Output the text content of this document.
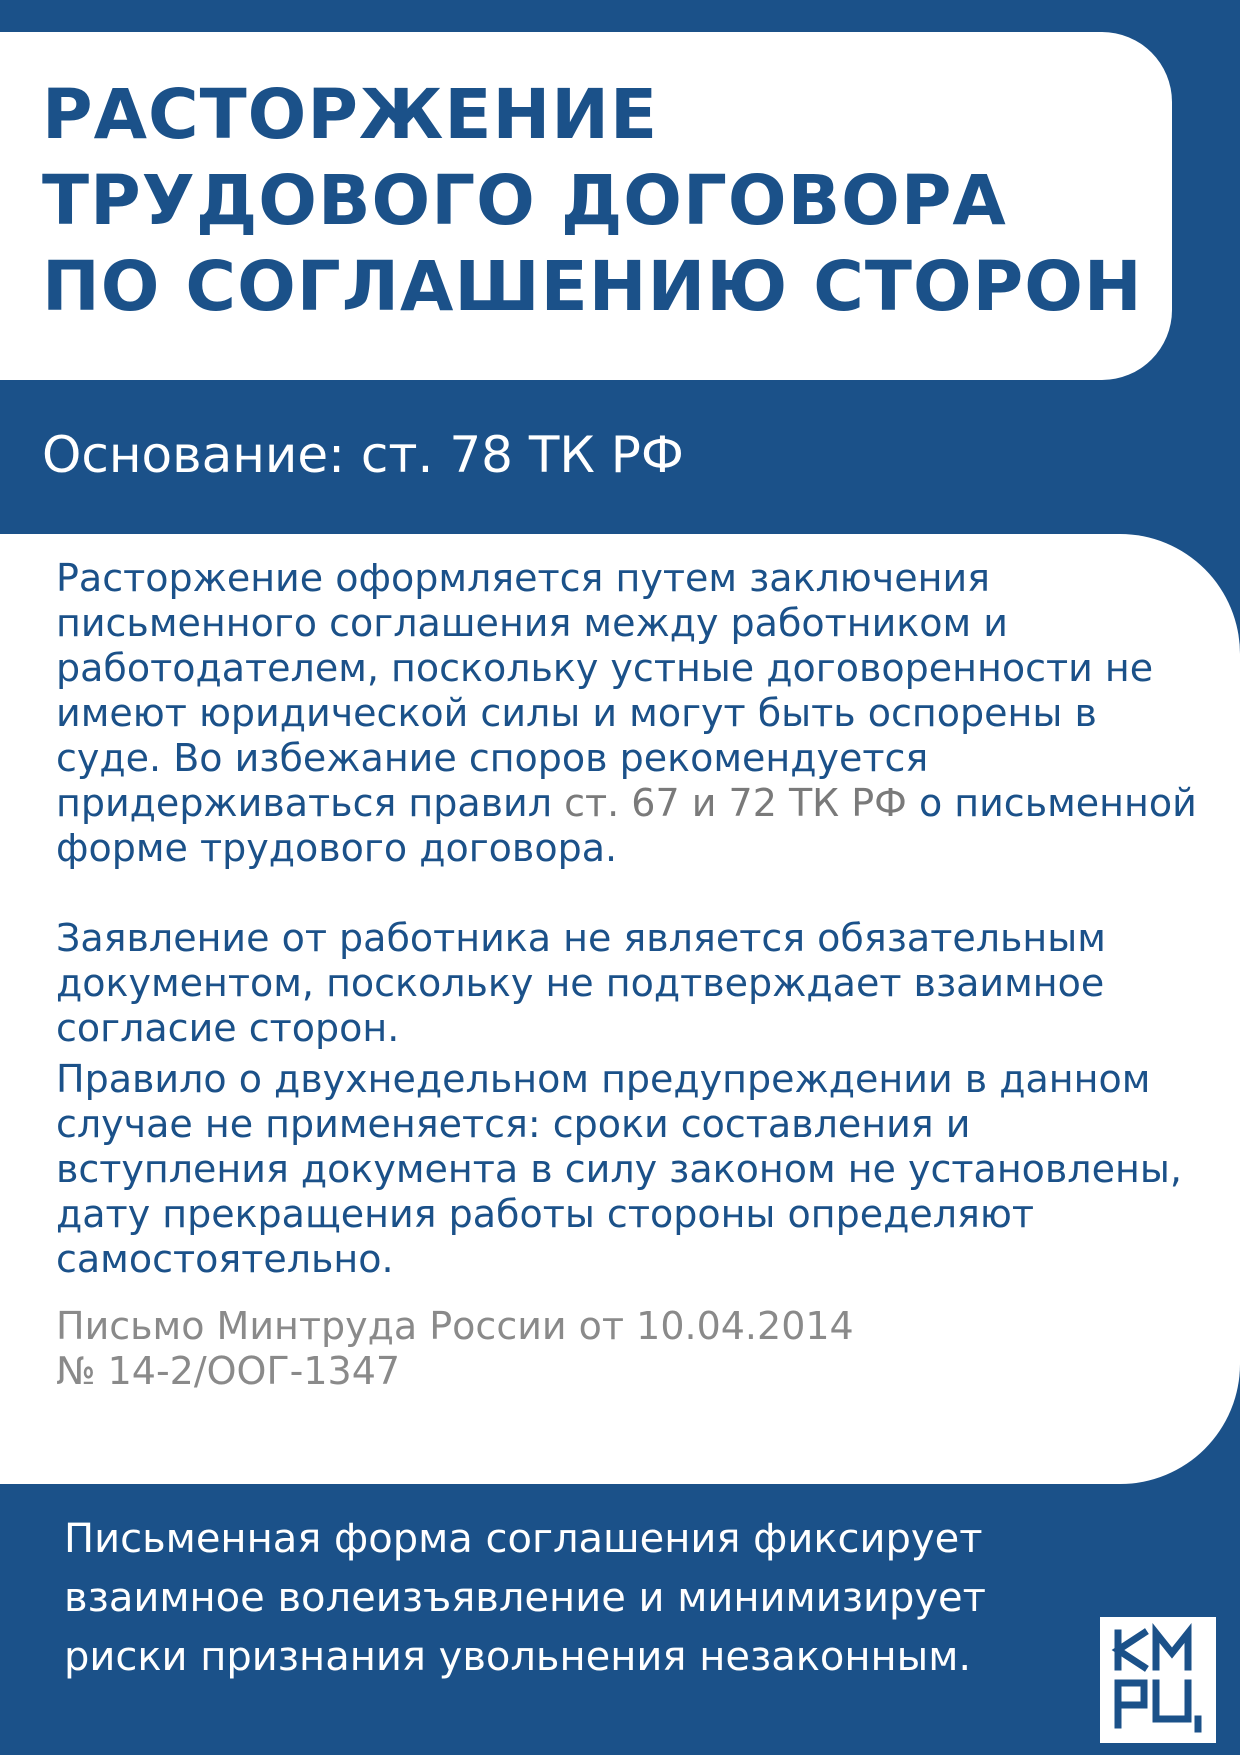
РАСТОРЖЕНИЕ
ТРУДОВОГО ДОГОВОРА
ПО СОГЛАШЕНИЮ СТОРОН

Основание: ст. 78 ТК РФ

Расторжение оформляется путем заключения письменного соглашения между работником и работодателем, поскольку устные договоренности не имеют юридической силы и могут быть оспорены в суде. Во избежание споров рекомендуется придерживаться правил ст. 67 и 72 ТК РФ о письменной форме трудового договора.

Заявление от работника не является обязательным документом, поскольку не подтверждает взаимное согласие сторон.

Правило о двухнедельном предупреждении в данном случае не применяется: сроки составления и вступления документа в силу законом не установлены, дату прекращения работы стороны определяют самостоятельно.

Письмо Минтруда России от 10.04.2014
№ 14-2/ООГ-1347

Письменная форма соглашения фиксирует взаимное волеизъявление и минимизирует риски признания увольнения незаконным.
